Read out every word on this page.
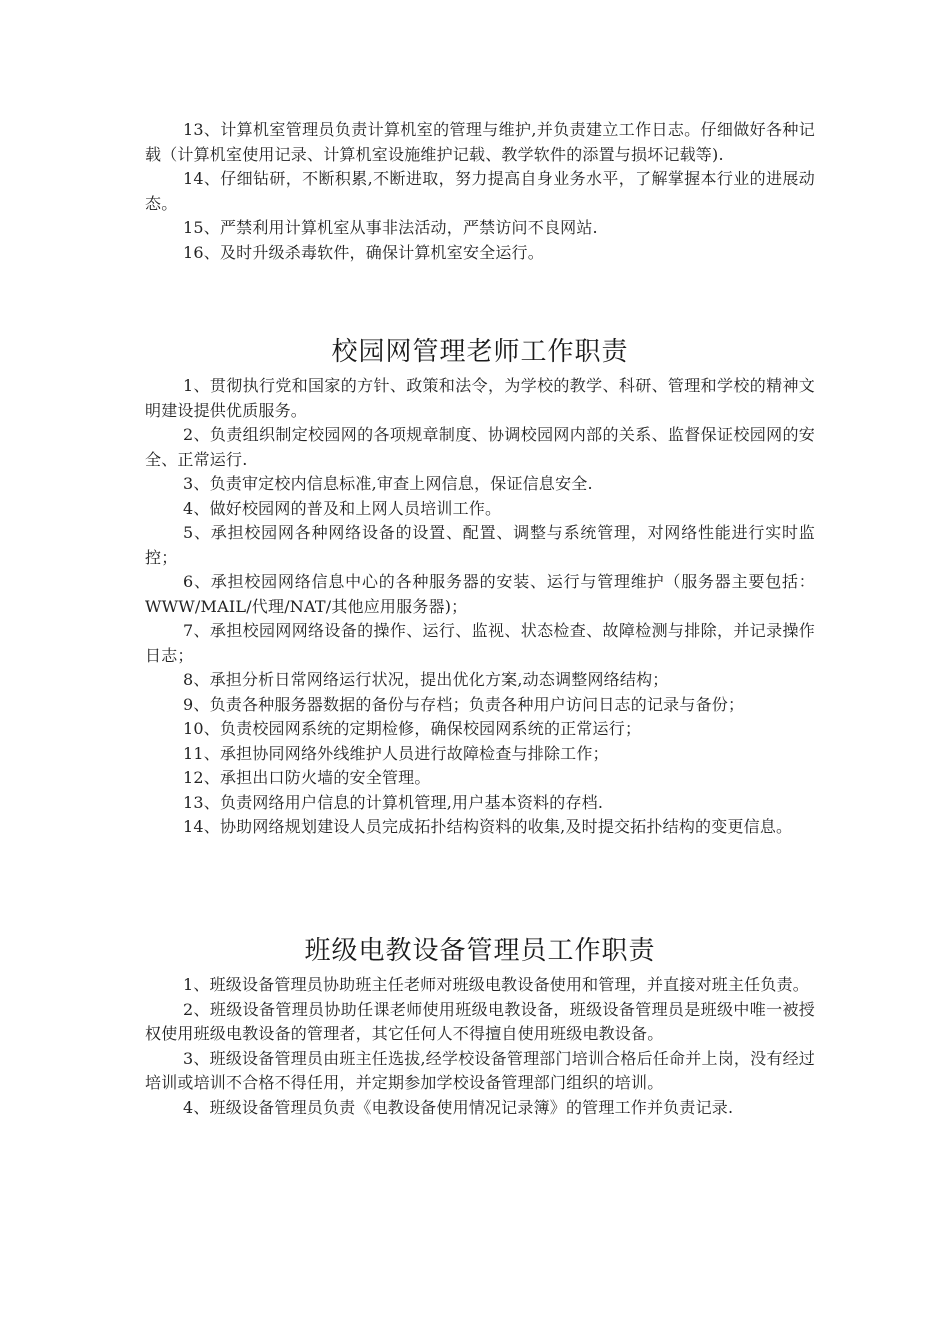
13、计算机室管理员负责计算机室的管理与维护,并负责建立工作日志。仔细做好各种记载（计算机室使用记录、计算机室设施维护记载、教学软件的添置与损坏记载等).

14、仔细钻研，不断积累,不断进取，努力提高自身业务水平，了解掌握本行业的进展动态。

15、严禁利用计算机室从事非法活动，严禁访问不良网站.

16、及时升级杀毒软件，确保计算机室安全运行。

校园网管理老师工作职责

1、贯彻执行党和国家的方针、政策和法令，为学校的教学、科研、管理和学校的精神文明建设提供优质服务。

2、负责组织制定校园网的各项规章制度、协调校园网内部的关系、监督保证校园网的安全、正常运行.

3、负责审定校内信息标准,审查上网信息，保证信息安全.

4、做好校园网的普及和上网人员培训工作。

5、承担校园网各种网络设备的设置、配置、调整与系统管理，对网络性能进行实时监控；

6、承担校园网络信息中心的各种服务器的安装、运行与管理维护（服务器主要包括：WWW/MAIL/代理/NAT/其他应用服务器)；

7、承担校园网网络设备的操作、运行、监视、状态检查、故障检测与排除，并记录操作日志；

8、承担分析日常网络运行状况，提出优化方案,动态调整网络结构；

9、负责各种服务器数据的备份与存档；负责各种用户访问日志的记录与备份；

10、负责校园网系统的定期检修，确保校园网系统的正常运行；

11、承担协同网络外线维护人员进行故障检查与排除工作；

12、承担出口防火墙的安全管理。

13、负责网络用户信息的计算机管理,用户基本资料的存档.

14、协助网络规划建设人员完成拓扑结构资料的收集,及时提交拓扑结构的变更信息。

班级电教设备管理员工作职责

1、班级设备管理员协助班主任老师对班级电教设备使用和管理，并直接对班主任负责。

2、班级设备管理员协助任课老师使用班级电教设备，班级设备管理员是班级中唯一被授权使用班级电教设备的管理者，其它任何人不得擅自使用班级电教设备。

3、班级设备管理员由班主任选拔,经学校设备管理部门培训合格后任命并上岗，没有经过培训或培训不合格不得任用，并定期参加学校设备管理部门组织的培训。

4、班级设备管理员负责《电教设备使用情况记录簿》的管理工作并负责记录.
